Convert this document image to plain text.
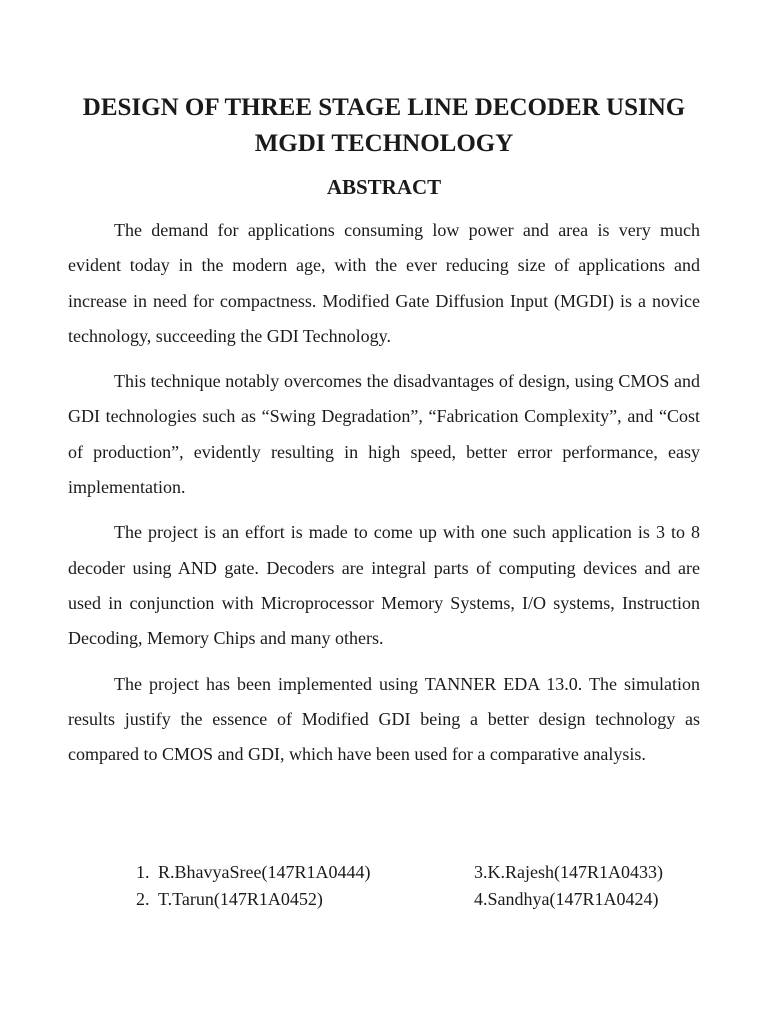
DESIGN OF THREE STAGE LINE DECODER USING
MGDI TECHNOLOGY
ABSTRACT

The demand for applications consuming low power and area is very much evident today in the modern age, with the ever reducing size of applications and increase in need for compactness. Modified Gate Diffusion Input (MGDI) is a novice technology, succeeding the GDI Technology.

This technique notably overcomes the disadvantages of design, using CMOS and GDI technologies such as “Swing Degradation”, “Fabrication Complexity”, and “Cost of production”, evidently resulting in high speed, better error performance, easy implementation.

The project is an effort is made to come up with one such application is 3 to 8 decoder using AND gate. Decoders are integral parts of computing devices and are used in conjunction with Microprocessor Memory Systems, I/O systems, Instruction Decoding, Memory Chips and many others.

The project has been implemented using TANNER EDA 13.0. The simulation results justify the essence of Modified GDI being a better design technology as compared to CMOS and GDI, which have been used for a comparative analysis.

1. R.BhavyaSree(147R1A0444)
2. T.Tarun(147R1A0452)
3.K.Rajesh(147R1A0433)
4.Sandhya(147R1A0424)
